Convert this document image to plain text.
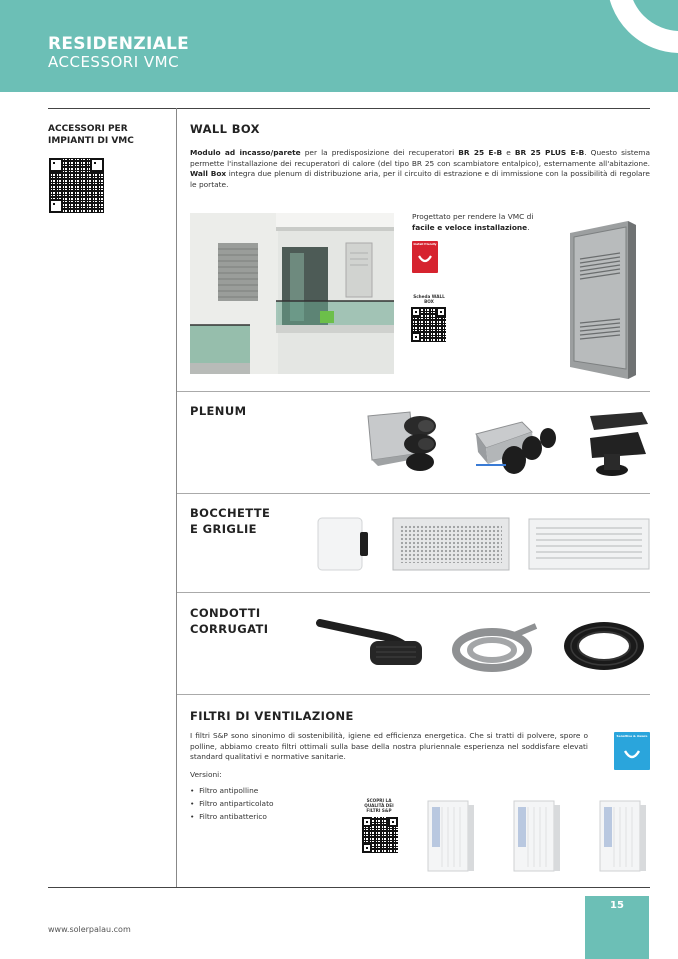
RESIDENZIALE
ACCESSORI VMC
ACCESSORI PER IMPIANTI DI VMC
WALL BOX
Modulo ad incasso/parete per la predisposizione dei recuperatori BR 25 E-B e BR 25 PLUS E-B. Questo sistema permette l'installazione dei recuperatori di calore (del tipo BR 25 con scambiatore entalpico), esternamente all'abitazione. Wall Box integra due plenum di distribuzione aria, per il circuito di estrazione e di immissione con la possibilità di regolare le portate.
Progettato per rendere la VMC di
facile e veloce installazione.
Install friendly
Scheda WALL BOX
PLENUM
BOCCHETTE
E GRIGLIE
CONDOTTI
CORRUGATI
FILTRI DI VENTILAZIONE
I filtri S&P sono sinonimo di sostenibilità, igiene ed efficienza energetica. Che si tratti di polvere, spore o polline, abbiamo creato filtri ottimali sulla base della nostra pluriennale esperienza nel soddisfare elevati standard qualitativi e normative sanitarie.
Sensitive & Aware
Versioni:
•  Filtro antipolline
•  Filtro antiparticolato
•  Filtro antibatterico
SCOPRI LA QUALITÀ DEI FILTRI S&P
www.solerpalau.com
15
